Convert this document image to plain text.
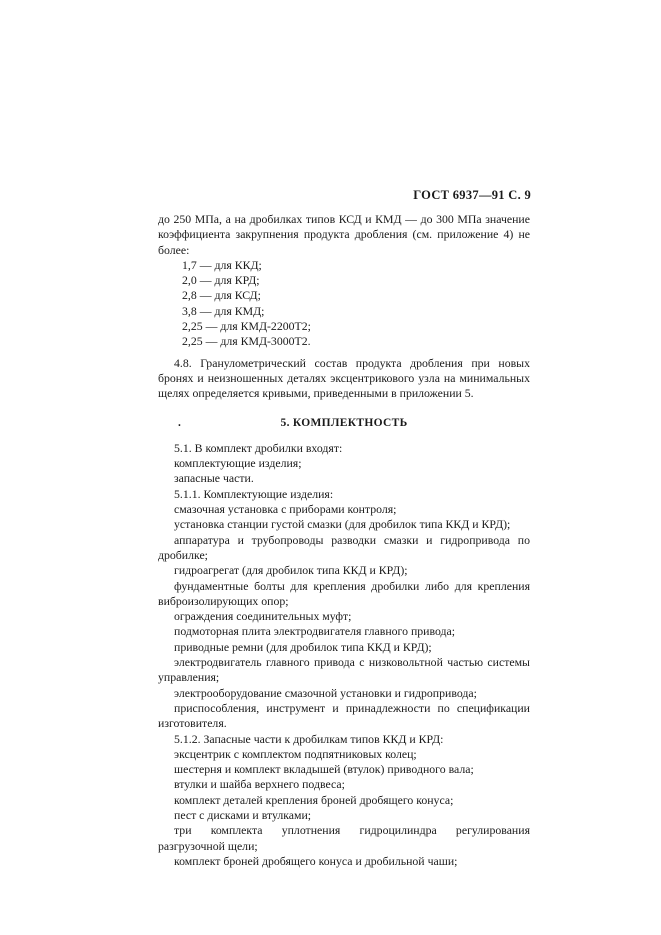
ГОСТ 6937—91 С. 9

до 250 МПа, а на дробилках типов КСД и КМД — до 300 МПа значение коэффициента закрупнения продукта дробления (см. приложение 4) не более:

1,7 — для ККД;
2,0 — для КРД;
2,8 — для КСД;
3,8 — для КМД;
2,25 — для КМД-2200Т2;
2,25 — для КМД-3000Т2.

4.8. Гранулометрический состав продукта дробления при новых бронях и неизношенных деталях эксцентрикового узла на минимальных щелях определяется кривыми, приведенными в приложении 5.

.	5. КОМПЛЕКТНОСТЬ

5.1. В комплект дробилки входят:

комплектующие изделия;

запасные части.

5.1.1. Комплектующие изделия:

смазочная установка с приборами контроля;

установка станции густой смазки (для дробилок типа ККД и КРД);

аппаратура и трубопроводы разводки смазки и гидропривода по дробилке;

гидроагрегат (для дробилок типа ККД и КРД);

фундаментные болты для крепления дробилки либо для крепления виброизолирующих опор;

ограждения соединительных муфт;

подмоторная плита электродвигателя главного привода;

приводные ремни (для дробилок типа ККД и КРД);

электродвигатель главного привода с низковольтной частью системы управления;

электрооборудование смазочной установки и гидропривода;

приспособления, инструмент и принадлежности по спецификации изготовителя.

5.1.2. Запасные части к дробилкам типов ККД и КРД:

эксцентрик с комплектом подпятниковых колец;

шестерня и комплект вкладышей (втулок) приводного вала;

втулки и шайба верхнего подвеса;

комплект деталей крепления броней дробящего конуса;

пест с дисками и втулками;

три комплекта уплотнения гидроцилиндра регулирования разгрузочной щели;

комплект броней дробящего конуса и дробильной чаши;
